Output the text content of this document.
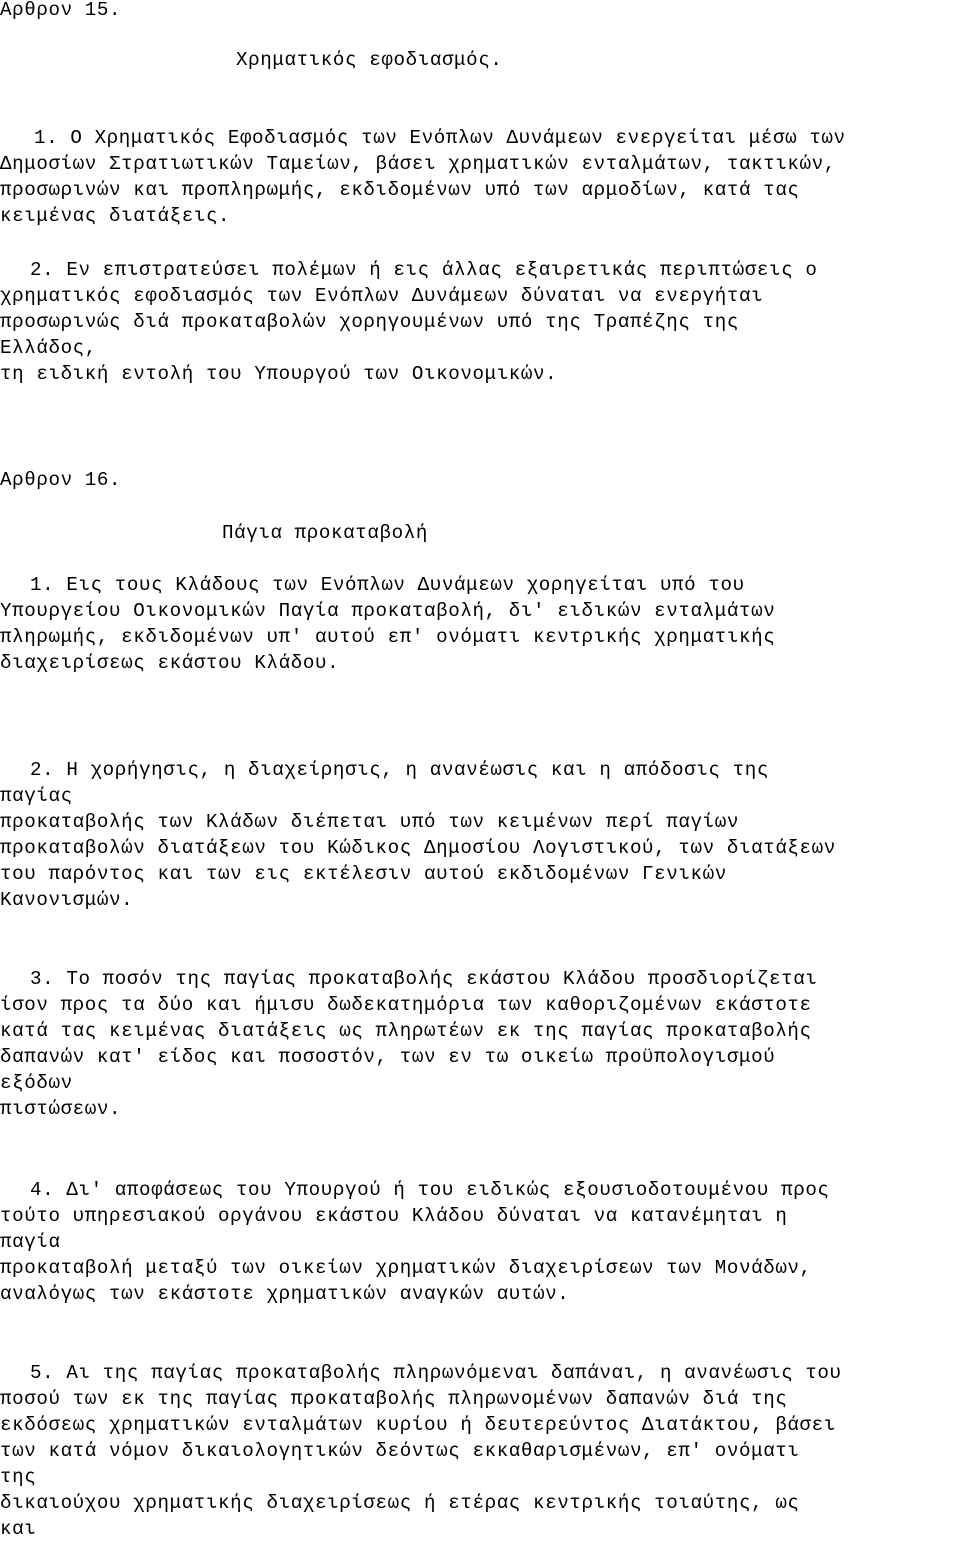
Αρθρον 15.
Χρηματικός εφοδιασμός.
1. Ο Χρηματικός Εφοδιασμός των Ενόπλων Δυνάμεων ενεργείται μέσω των
Δημοσίων Στρατιωτικών Ταμείων, βάσει χρηματικών ενταλμάτων, τακτικών,
προσωρινών και προπληρωμής, εκδιδομένων υπό των αρμοδίων, κατά τας
κειμένας διατάξεις.
2. Εν επιστρατεύσει πολέμων ή εις άλλας εξαιρετικάς περιπτώσεις ο
χρηματικός εφοδιασμός των Ενόπλων Δυνάμεων δύναται να ενεργήται
προσωρινώς διά προκαταβολών χορηγουμένων υπό της Τραπέζης της
Ελλάδος,
τη ειδική εντολή του Υπουργού των Οικονομικών.
Αρθρον 16.
Πάγια προκαταβολή
1. Εις τους Κλάδους των Ενόπλων Δυνάμεων χορηγείται υπό του
Υπουργείου Οικονομικών Παγία προκαταβολή, δι' ειδικών ενταλμάτων
πληρωμής, εκδιδομένων υπ' αυτού επ' ονόματι κεντρικής χρηματικής
διαχειρίσεως εκάστου Κλάδου.
2. Η χορήγησις, η διαχείρησις, η ανανέωσις και η απόδοσις της
παγίας
προκαταβολής των Κλάδων διέπεται υπό των κειμένων περί παγίων
προκαταβολών διατάξεων του Κώδικος Δημοσίου Λογιστικού, των διατάξεων
του παρόντος και των εις εκτέλεσιν αυτού εκδιδομένων Γενικών
Κανονισμών.
3. Το ποσόν της παγίας προκαταβολής εκάστου Κλάδου προσδιορίζεται
ίσον προς τα δύο και ήμισυ δωδεκατημόρια των καθοριζομένων εκάστοτε
κατά τας κειμένας διατάξεις ως πληρωτέων εκ της παγίας προκαταβολής
δαπανών κατ' είδος και ποσοστόν, των εν τω οικείω προϋπολογισμού
εξόδων
πιστώσεων.
4. Δι' αποφάσεως του Υπουργού ή του ειδικώς εξουσιοδοτουμένου προς
τούτο υπηρεσιακού οργάνου εκάστου Κλάδου δύναται να κατανέμηται η
παγία
προκαταβολή μεταξύ των οικείων χρηματικών διαχειρίσεων των Μονάδων,
αναλόγως των εκάστοτε χρηματικών αναγκών αυτών.
5. Αι της παγίας προκαταβολής πληρωνόμεναι δαπάναι, η ανανέωσις του
ποσού των εκ της παγίας προκαταβολής πληρωνομένων δαπανών διά της
εκδόσεως χρηματικών ενταλμάτων κυρίου ή δευτερεύντος Διατάκτου, βάσει
των κατά νόμον δικαιολογητικών δεόντως εκκαθαρισμένων, επ' ονόματι
της
δικαιούχου χρηματικής διαχειρίσεως ή ετέρας κεντρικής τοιαύτης, ως
και
